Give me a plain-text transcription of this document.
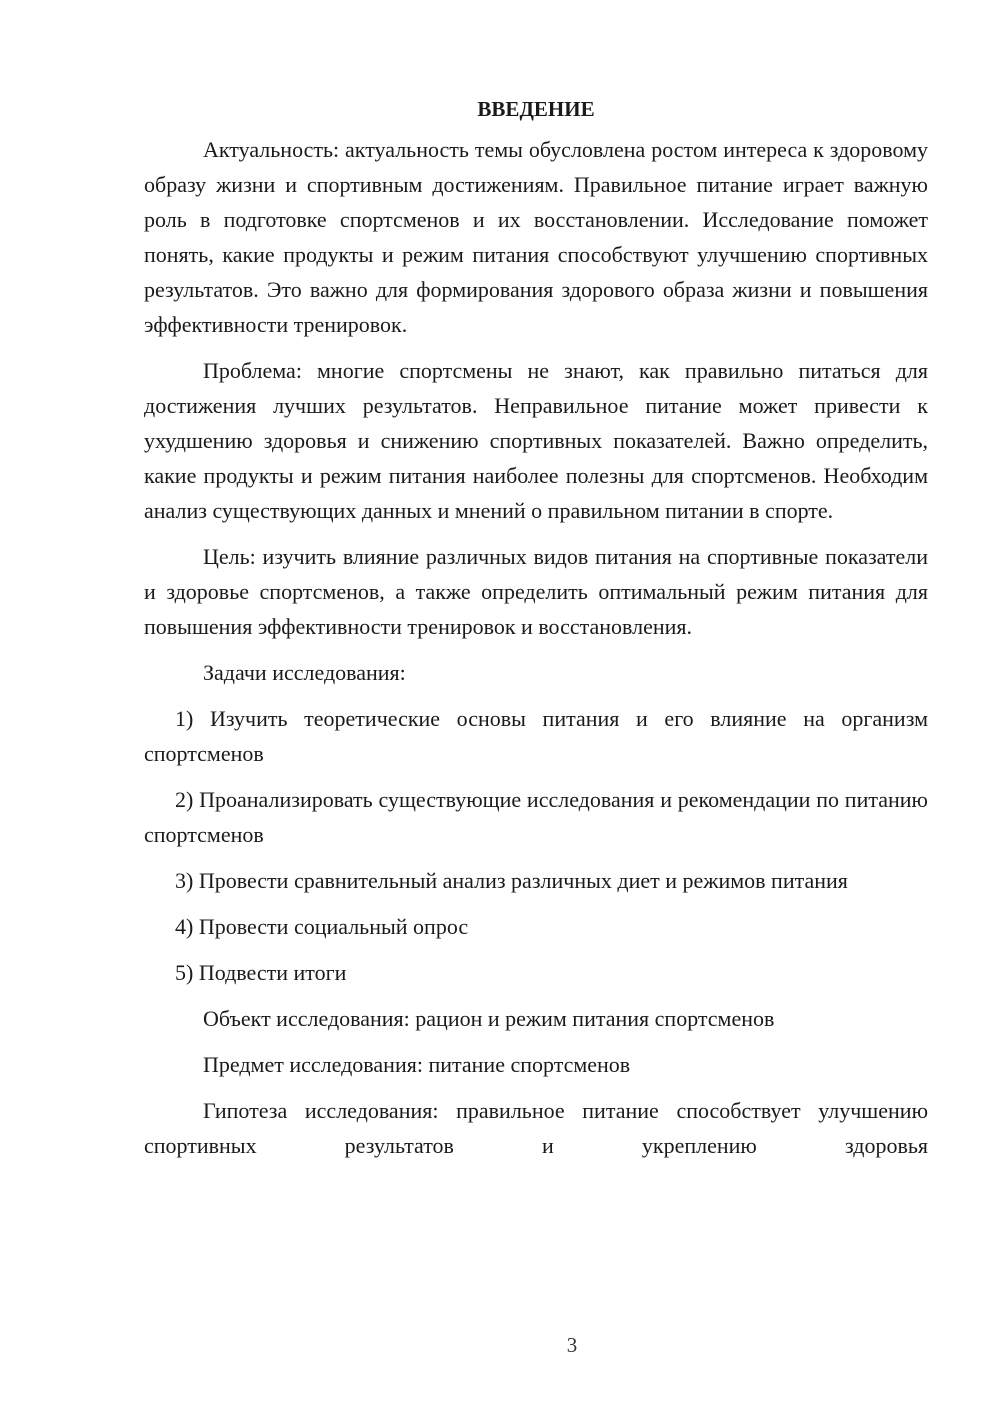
ВВЕДЕНИЕ

Актуальность: актуальность темы обусловлена ростом интереса к здоровому образу жизни и спортивным достижениям. Правильное питание играет важную роль в подготовке спортсменов и их восстановлении. Исследование поможет понять, какие продукты и режим питания способствуют улучшению спортивных результатов. Это важно для формирования здорового образа жизни и повышения эффективности тренировок.

Проблема: многие спортсмены не знают, как правильно питаться для достижения лучших результатов. Неправильное питание может привести к ухудшению здоровья и снижению спортивных показателей. Важно определить, какие продукты и режим питания наиболее полезны для спортсменов. Необходим анализ существующих данных и мнений о правильном питании в спорте.

Цель: изучить влияние различных видов питания на спортивные показатели и здоровье спортсменов, а также определить оптимальный режим питания для повышения эффективности тренировок и восстановления.

Задачи исследования:

1) Изучить теоретические основы питания и его влияние на организм спортсменов

2) Проанализировать существующие исследования и рекомендации по питанию спортсменов

3) Провести сравнительный анализ различных диет и режимов питания

4) Провести социальный опрос

5) Подвести итоги

Объект исследования: рацион и режим питания спортсменов

Предмет исследования: питание спортсменов

Гипотеза исследования: правильное питание способствует улучшению спортивных результатов и укреплению здоровья

3
